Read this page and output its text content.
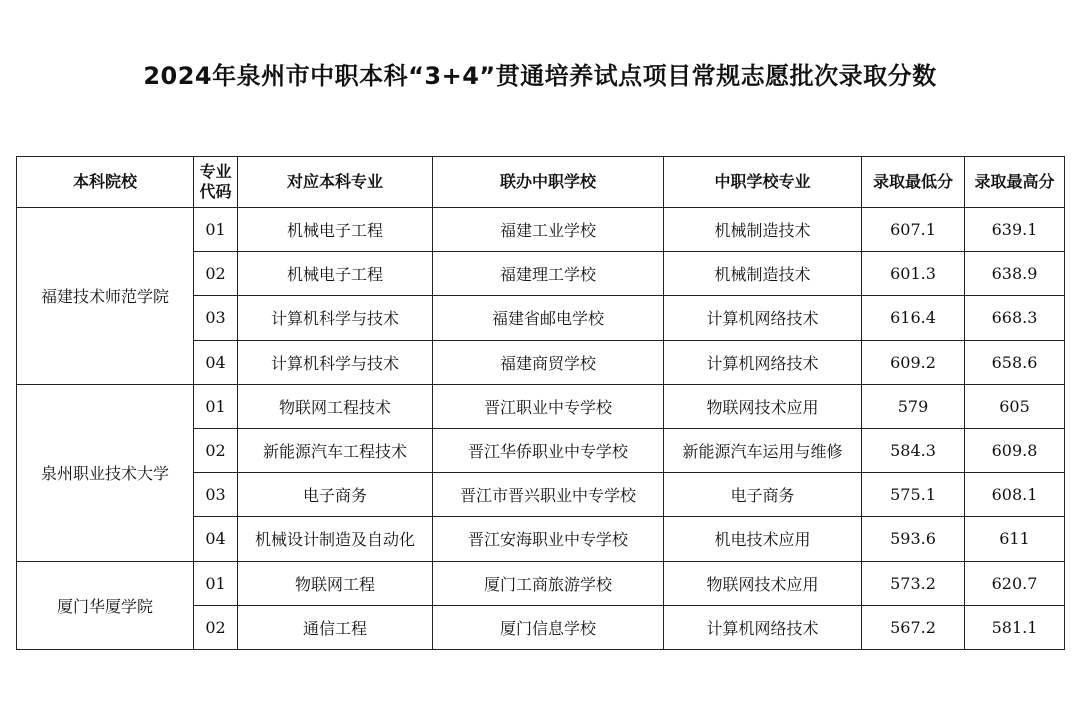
2024年泉州市中职本科“3+4”贯通培养试点项目常规志愿批次录取分数
本科院校	专业代码	对应本科专业	联办中职学校	中职学校专业	录取最低分	录取最高分
福建技术师范学院	01	机械电子工程	福建工业学校	机械制造技术	607.1	639.1
	02	机械电子工程	福建理工学校	机械制造技术	601.3	638.9
	03	计算机科学与技术	福建省邮电学校	计算机网络技术	616.4	668.3
	04	计算机科学与技术	福建商贸学校	计算机网络技术	609.2	658.6
泉州职业技术大学	01	物联网工程技术	晋江职业中专学校	物联网技术应用	579	605
	02	新能源汽车工程技术	晋江华侨职业中专学校	新能源汽车运用与维修	584.3	609.8
	03	电子商务	晋江市晋兴职业中专学校	电子商务	575.1	608.1
	04	机械设计制造及自动化	晋江安海职业中专学校	机电技术应用	593.6	611
厦门华厦学院	01	物联网工程	厦门工商旅游学校	物联网技术应用	573.2	620.7
	02	通信工程	厦门信息学校	计算机网络技术	567.2	581.1
